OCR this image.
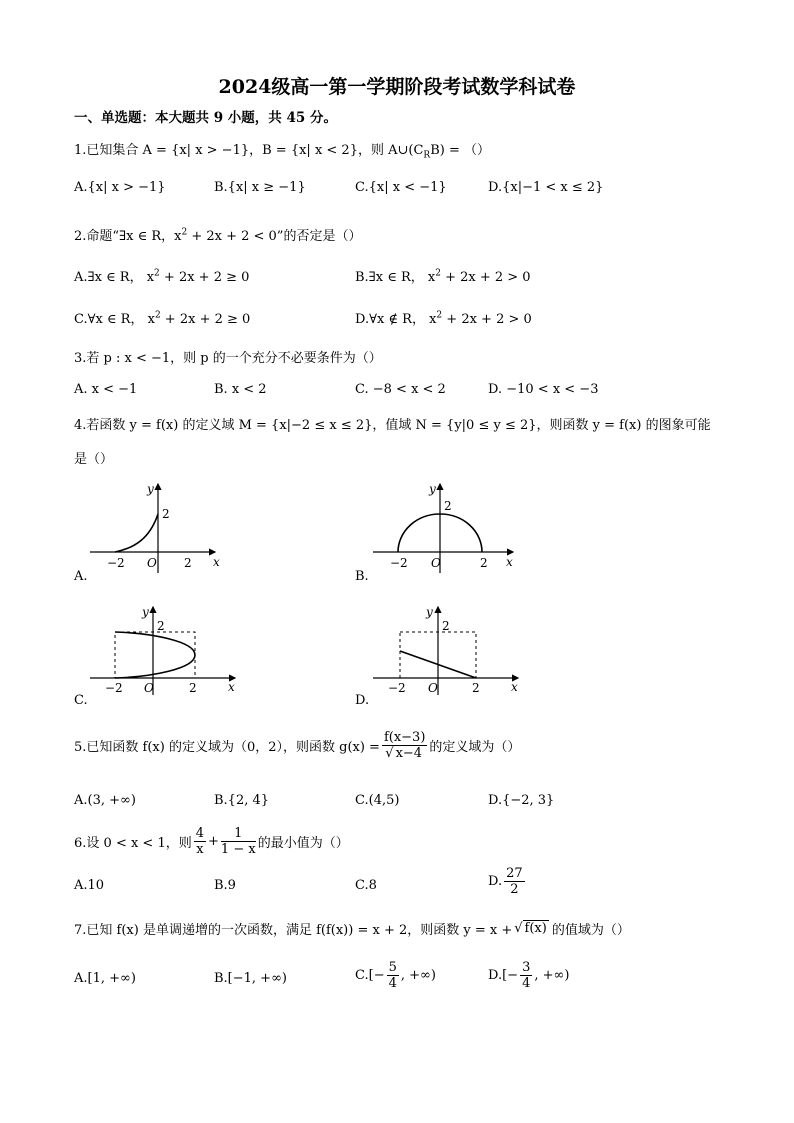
2024级高一第一学期阶段考试数学科试卷
一、单选题：本大题共 9 小题，共 45 分。
1.已知集合 A = {x| x > −1}，B = {x| x < 2}，则 $A\cup(C_RB)$ = （）
A.{x| x > −1}	B.{x| x ≥ −1}	C.{x| x < −1}	D.{x|−1 < x ≤ 2}
2.命题“∃x ∈ R，$x^2 + 2x + 2 < 0$”的否定是（）
A.∃x ∈ R， $x^2 + 2x + 2 \ge 0$	B.∃x ∈ R， $x^2 + 2x + 2 > 0$
C.∀x ∈ R， $x^2 + 2x + 2 \ge 0$	D.∀x ∉ R， $x^2 + 2x + 2 > 0$
3.若 p : x < −1，则 p 的一个充分不必要条件为（）
A. x < −1	B. x < 2	C. −8 < x < 2	D. −10 < x < −3
4.若函数 y = f(x) 的定义域 M = {x|−2 ≤ x ≤ 2}，值域 N = {y|0 ≤ y ≤ 2}，则函数 y = f(x) 的图象可能
是（）
y
x
O
−2	2
2
A.
y
x
O
−2	2
2
B.
y
x
O
−2	2
2
C.
y
x
O
−2	2
2
D.
5.已知函数 f(x) 的定义域为（0，2），则函数 $g(x) = \frac{f(x-3)}{√ x-4}$ 的定义域为（）
A.(3, +∞)	B.{2, 4}	C.(4,5)	D.{−2, 3}
6.设 0 < x < 1，则 $\frac{4}{x} + \frac{1}{1 - x}$ 的最小值为（）
A.10	B.9	C.8	D. $\frac{27}{2}$
7.已知 f(x) 是单调递增的一次函数，满足 f(f(x)) = x + 2，则函数 y = x + √ f(x) 的值域为（）
A.[1, +∞)	B.[−1, +∞)	C. [− $\frac{5}{4}$ , +∞)	D. [− $\frac{3}{4}$ , +∞)
